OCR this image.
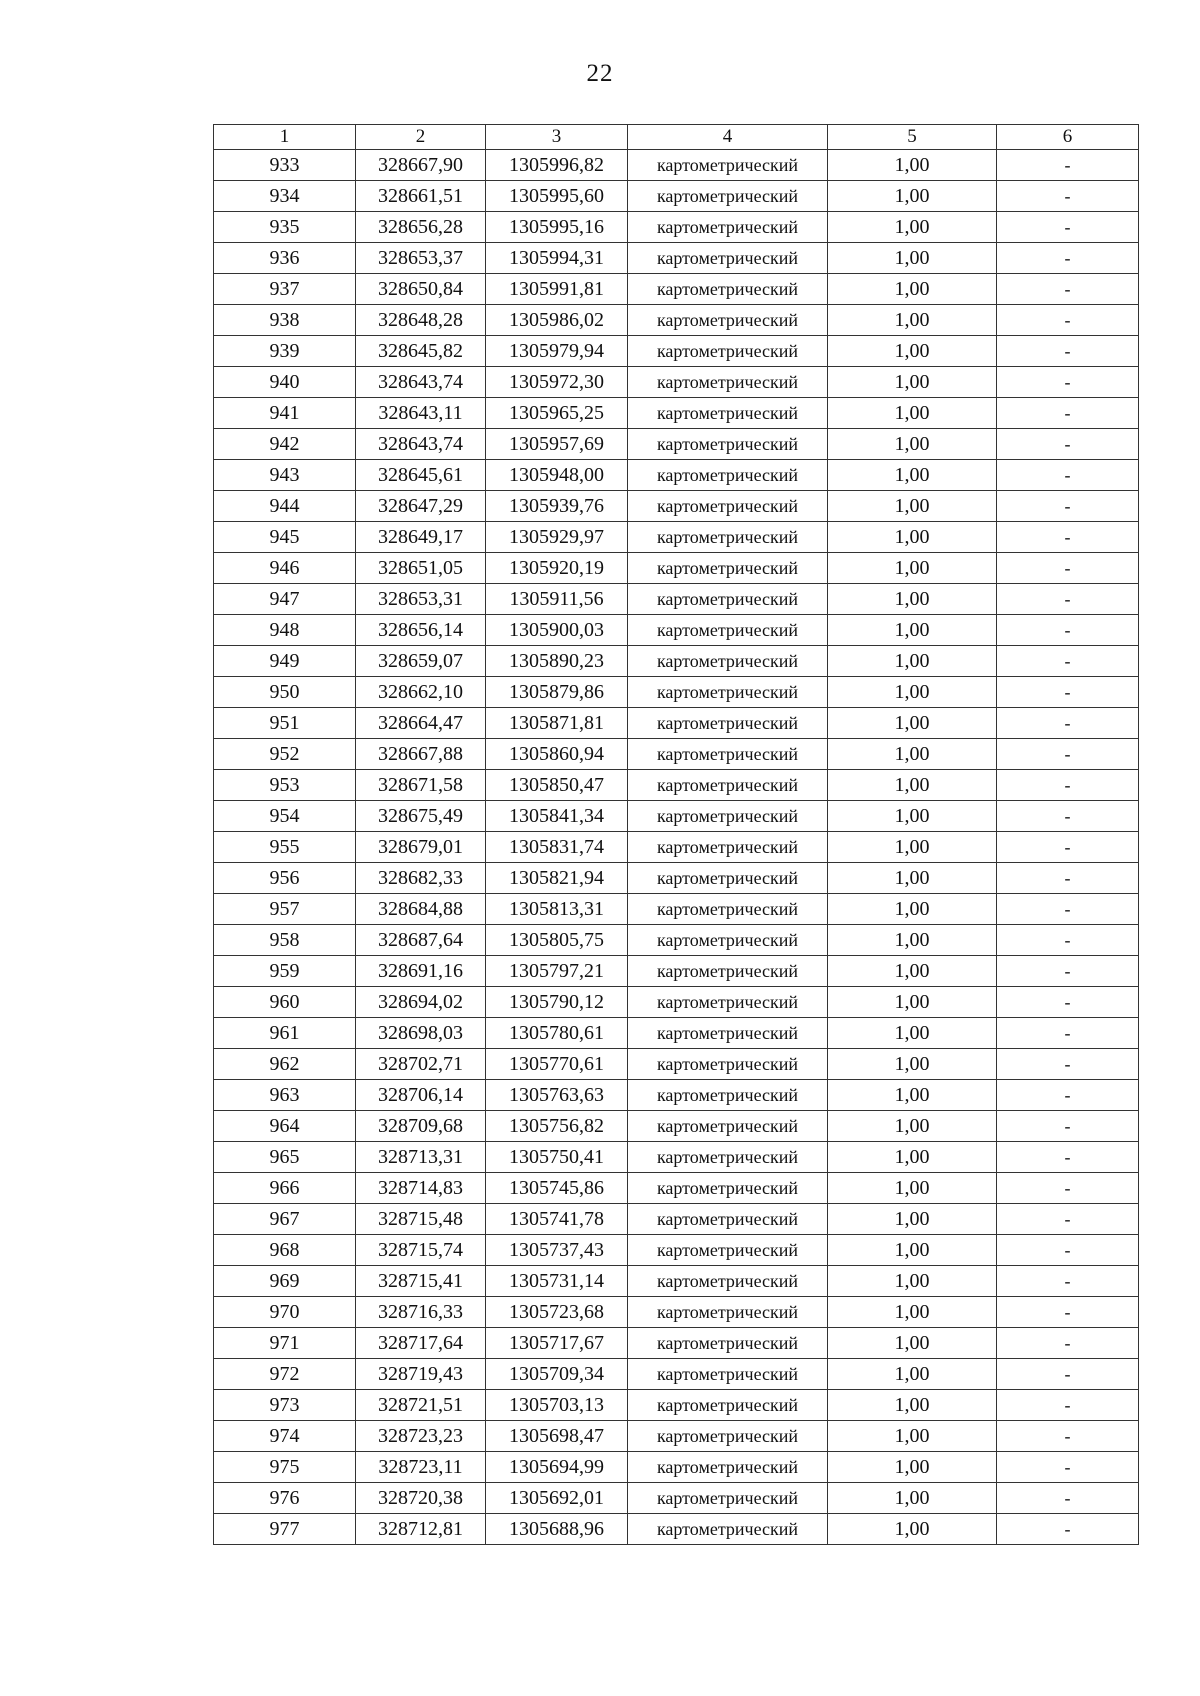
22
1	2	3	4	5	6
933	328667,90	1305996,82	картометрический	1,00	-
934	328661,51	1305995,60	картометрический	1,00	-
935	328656,28	1305995,16	картометрический	1,00	-
936	328653,37	1305994,31	картометрический	1,00	-
937	328650,84	1305991,81	картометрический	1,00	-
938	328648,28	1305986,02	картометрический	1,00	-
939	328645,82	1305979,94	картометрический	1,00	-
940	328643,74	1305972,30	картометрический	1,00	-
941	328643,11	1305965,25	картометрический	1,00	-
942	328643,74	1305957,69	картометрический	1,00	-
943	328645,61	1305948,00	картометрический	1,00	-
944	328647,29	1305939,76	картометрический	1,00	-
945	328649,17	1305929,97	картометрический	1,00	-
946	328651,05	1305920,19	картометрический	1,00	-
947	328653,31	1305911,56	картометрический	1,00	-
948	328656,14	1305900,03	картометрический	1,00	-
949	328659,07	1305890,23	картометрический	1,00	-
950	328662,10	1305879,86	картометрический	1,00	-
951	328664,47	1305871,81	картометрический	1,00	-
952	328667,88	1305860,94	картометрический	1,00	-
953	328671,58	1305850,47	картометрический	1,00	-
954	328675,49	1305841,34	картометрический	1,00	-
955	328679,01	1305831,74	картометрический	1,00	-
956	328682,33	1305821,94	картометрический	1,00	-
957	328684,88	1305813,31	картометрический	1,00	-
958	328687,64	1305805,75	картометрический	1,00	-
959	328691,16	1305797,21	картометрический	1,00	-
960	328694,02	1305790,12	картометрический	1,00	-
961	328698,03	1305780,61	картометрический	1,00	-
962	328702,71	1305770,61	картометрический	1,00	-
963	328706,14	1305763,63	картометрический	1,00	-
964	328709,68	1305756,82	картометрический	1,00	-
965	328713,31	1305750,41	картометрический	1,00	-
966	328714,83	1305745,86	картометрический	1,00	-
967	328715,48	1305741,78	картометрический	1,00	-
968	328715,74	1305737,43	картометрический	1,00	-
969	328715,41	1305731,14	картометрический	1,00	-
970	328716,33	1305723,68	картометрический	1,00	-
971	328717,64	1305717,67	картометрический	1,00	-
972	328719,43	1305709,34	картометрический	1,00	-
973	328721,51	1305703,13	картометрический	1,00	-
974	328723,23	1305698,47	картометрический	1,00	-
975	328723,11	1305694,99	картометрический	1,00	-
976	328720,38	1305692,01	картометрический	1,00	-
977	328712,81	1305688,96	картометрический	1,00	-
